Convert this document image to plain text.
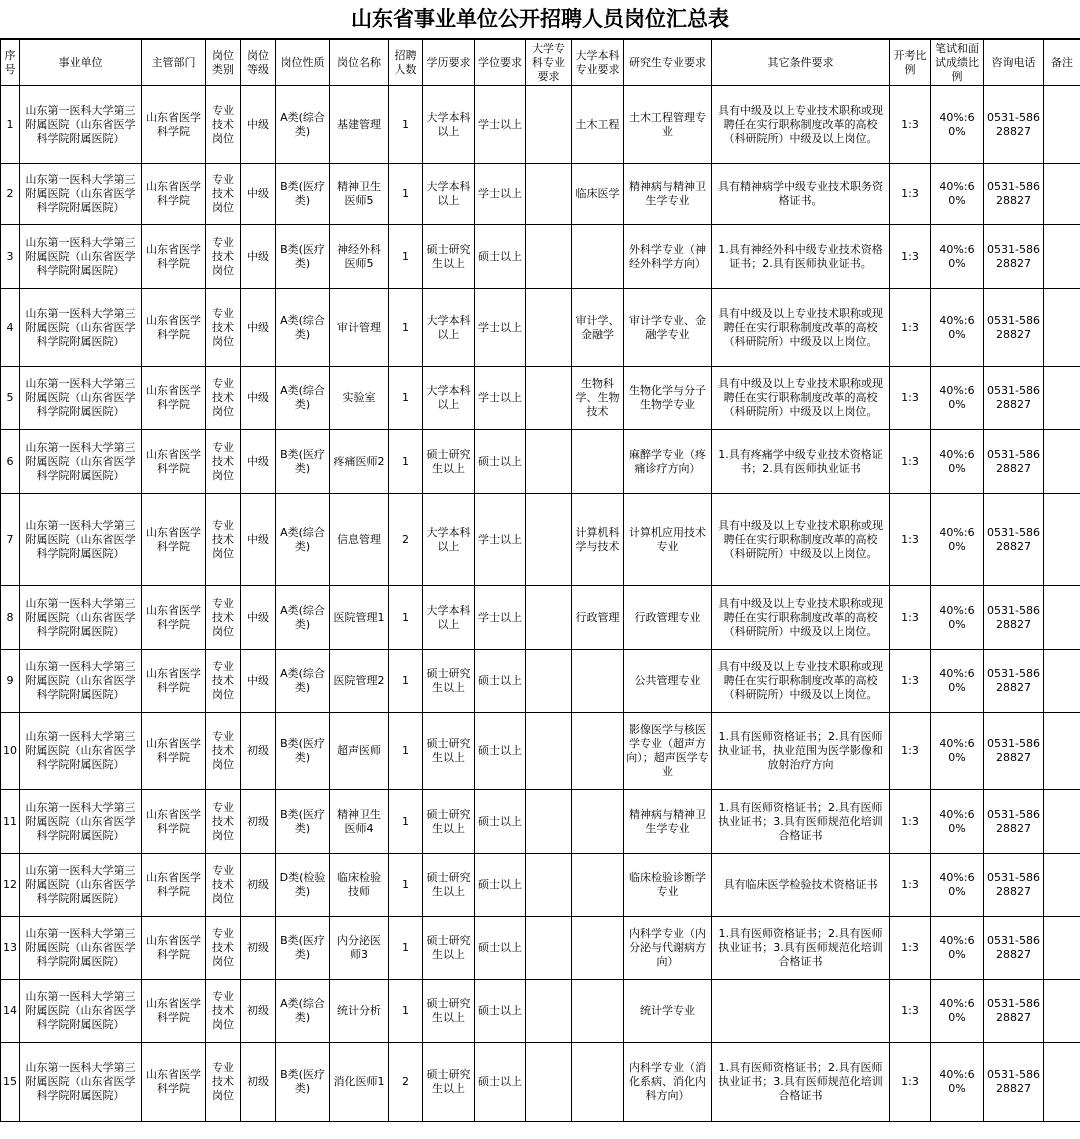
山东省事业单位公开招聘人员岗位汇总表
序号	事业单位	主管部门	岗位类别	岗位等级	岗位性质	岗位名称	招聘人数	学历要求	学位要求	大学专科专业要求	大学本科专业要求	研究生专业要求	其它条件要求	开考比例	笔试和面试成绩比例	咨询电话	备注
1	山东第一医科大学第三附属医院（山东省医学科学院附属医院）	山东省医学科学院	专业技术岗位	中级	A类(综合类)	基建管理	1	大学本科以上	学士以上		土木工程	土木工程管理专业	具有中级及以上专业技术职称或现聘任在实行职称制度改革的高校（科研院所）中级及以上岗位。	1:3	40%:60%	0531-58628827	
2	山东第一医科大学第三附属医院（山东省医学科学院附属医院）	山东省医学科学院	专业技术岗位	中级	B类(医疗类)	精神卫生医师5	1	大学本科以上	学士以上		临床医学	精神病与精神卫生学专业	具有精神病学中级专业技术职务资格证书。	1:3	40%:60%	0531-58628827	
3	山东第一医科大学第三附属医院（山东省医学科学院附属医院）	山东省医学科学院	专业技术岗位	中级	B类(医疗类)	神经外科医师5	1	硕士研究生以上	硕士以上			外科学专业（神经外科学方向）	1.具有神经外科中级专业技术资格证书；2.具有医师执业证书。	1:3	40%:60%	0531-58628827	
4	山东第一医科大学第三附属医院（山东省医学科学院附属医院）	山东省医学科学院	专业技术岗位	中级	A类(综合类)	审计管理	1	大学本科以上	学士以上		审计学、金融学	审计学专业、金融学专业	具有中级及以上专业技术职称或现聘任在实行职称制度改革的高校（科研院所）中级及以上岗位。	1:3	40%:60%	0531-58628827	
5	山东第一医科大学第三附属医院（山东省医学科学院附属医院）	山东省医学科学院	专业技术岗位	中级	A类(综合类)	实验室	1	大学本科以上	学士以上		生物科学、生物技术	生物化学与分子生物学专业	具有中级及以上专业技术职称或现聘任在实行职称制度改革的高校（科研院所）中级及以上岗位。	1:3	40%:60%	0531-58628827	
6	山东第一医科大学第三附属医院（山东省医学科学院附属医院）	山东省医学科学院	专业技术岗位	中级	B类(医疗类)	疼痛医师2	1	硕士研究生以上	硕士以上			麻醉学专业（疼痛诊疗方向）	1.具有疼痛学中级专业技术资格证书；2.具有医师执业证书	1:3	40%:60%	0531-58628827	
7	山东第一医科大学第三附属医院（山东省医学科学院附属医院）	山东省医学科学院	专业技术岗位	中级	A类(综合类)	信息管理	2	大学本科以上	学士以上		计算机科学与技术	计算机应用技术专业	具有中级及以上专业技术职称或现聘任在实行职称制度改革的高校（科研院所）中级及以上岗位。	1:3	40%:60%	0531-58628827	
8	山东第一医科大学第三附属医院（山东省医学科学院附属医院）	山东省医学科学院	专业技术岗位	中级	A类(综合类)	医院管理1	1	大学本科以上	学士以上		行政管理	行政管理专业	具有中级及以上专业技术职称或现聘任在实行职称制度改革的高校（科研院所）中级及以上岗位。	1:3	40%:60%	0531-58628827	
9	山东第一医科大学第三附属医院（山东省医学科学院附属医院）	山东省医学科学院	专业技术岗位	中级	A类(综合类)	医院管理2	1	硕士研究生以上	硕士以上			公共管理专业	具有中级及以上专业技术职称或现聘任在实行职称制度改革的高校（科研院所）中级及以上岗位。	1:3	40%:60%	0531-58628827	
10	山东第一医科大学第三附属医院（山东省医学科学院附属医院）	山东省医学科学院	专业技术岗位	初级	B类(医疗类)	超声医师	1	硕士研究生以上	硕士以上			影像医学与核医学专业（超声方向）；超声医学专业	1.具有医师资格证书；2.具有医师执业证书，执业范围为医学影像和放射治疗方向	1:3	40%:60%	0531-58628827	
11	山东第一医科大学第三附属医院（山东省医学科学院附属医院）	山东省医学科学院	专业技术岗位	初级	B类(医疗类)	精神卫生医师4	1	硕士研究生以上	硕士以上			精神病与精神卫生学专业	1.具有医师资格证书；2.具有医师执业证书；3.具有医师规范化培训合格证书	1:3	40%:60%	0531-58628827	
12	山东第一医科大学第三附属医院（山东省医学科学院附属医院）	山东省医学科学院	专业技术岗位	初级	D类(检验类)	临床检验技师	1	硕士研究生以上	硕士以上			临床检验诊断学专业	具有临床医学检验技术资格证书	1:3	40%:60%	0531-58628827	
13	山东第一医科大学第三附属医院（山东省医学科学院附属医院）	山东省医学科学院	专业技术岗位	初级	B类(医疗类)	内分泌医师3	1	硕士研究生以上	硕士以上			内科学专业（内分泌与代谢病方向）	1.具有医师资格证书；2.具有医师执业证书；3.具有医师规范化培训合格证书	1:3	40%:60%	0531-58628827	
14	山东第一医科大学第三附属医院（山东省医学科学院附属医院）	山东省医学科学院	专业技术岗位	初级	A类(综合类)	统计分析	1	硕士研究生以上	硕士以上			统计学专业		1:3	40%:60%	0531-58628827	
15	山东第一医科大学第三附属医院（山东省医学科学院附属医院）	山东省医学科学院	专业技术岗位	初级	B类(医疗类)	消化医师1	2	硕士研究生以上	硕士以上			内科学专业（消化系病、消化内科方向）	1.具有医师资格证书；2.具有医师执业证书；3.具有医师规范化培训合格证书	1:3	40%:60%	0531-58628827	
